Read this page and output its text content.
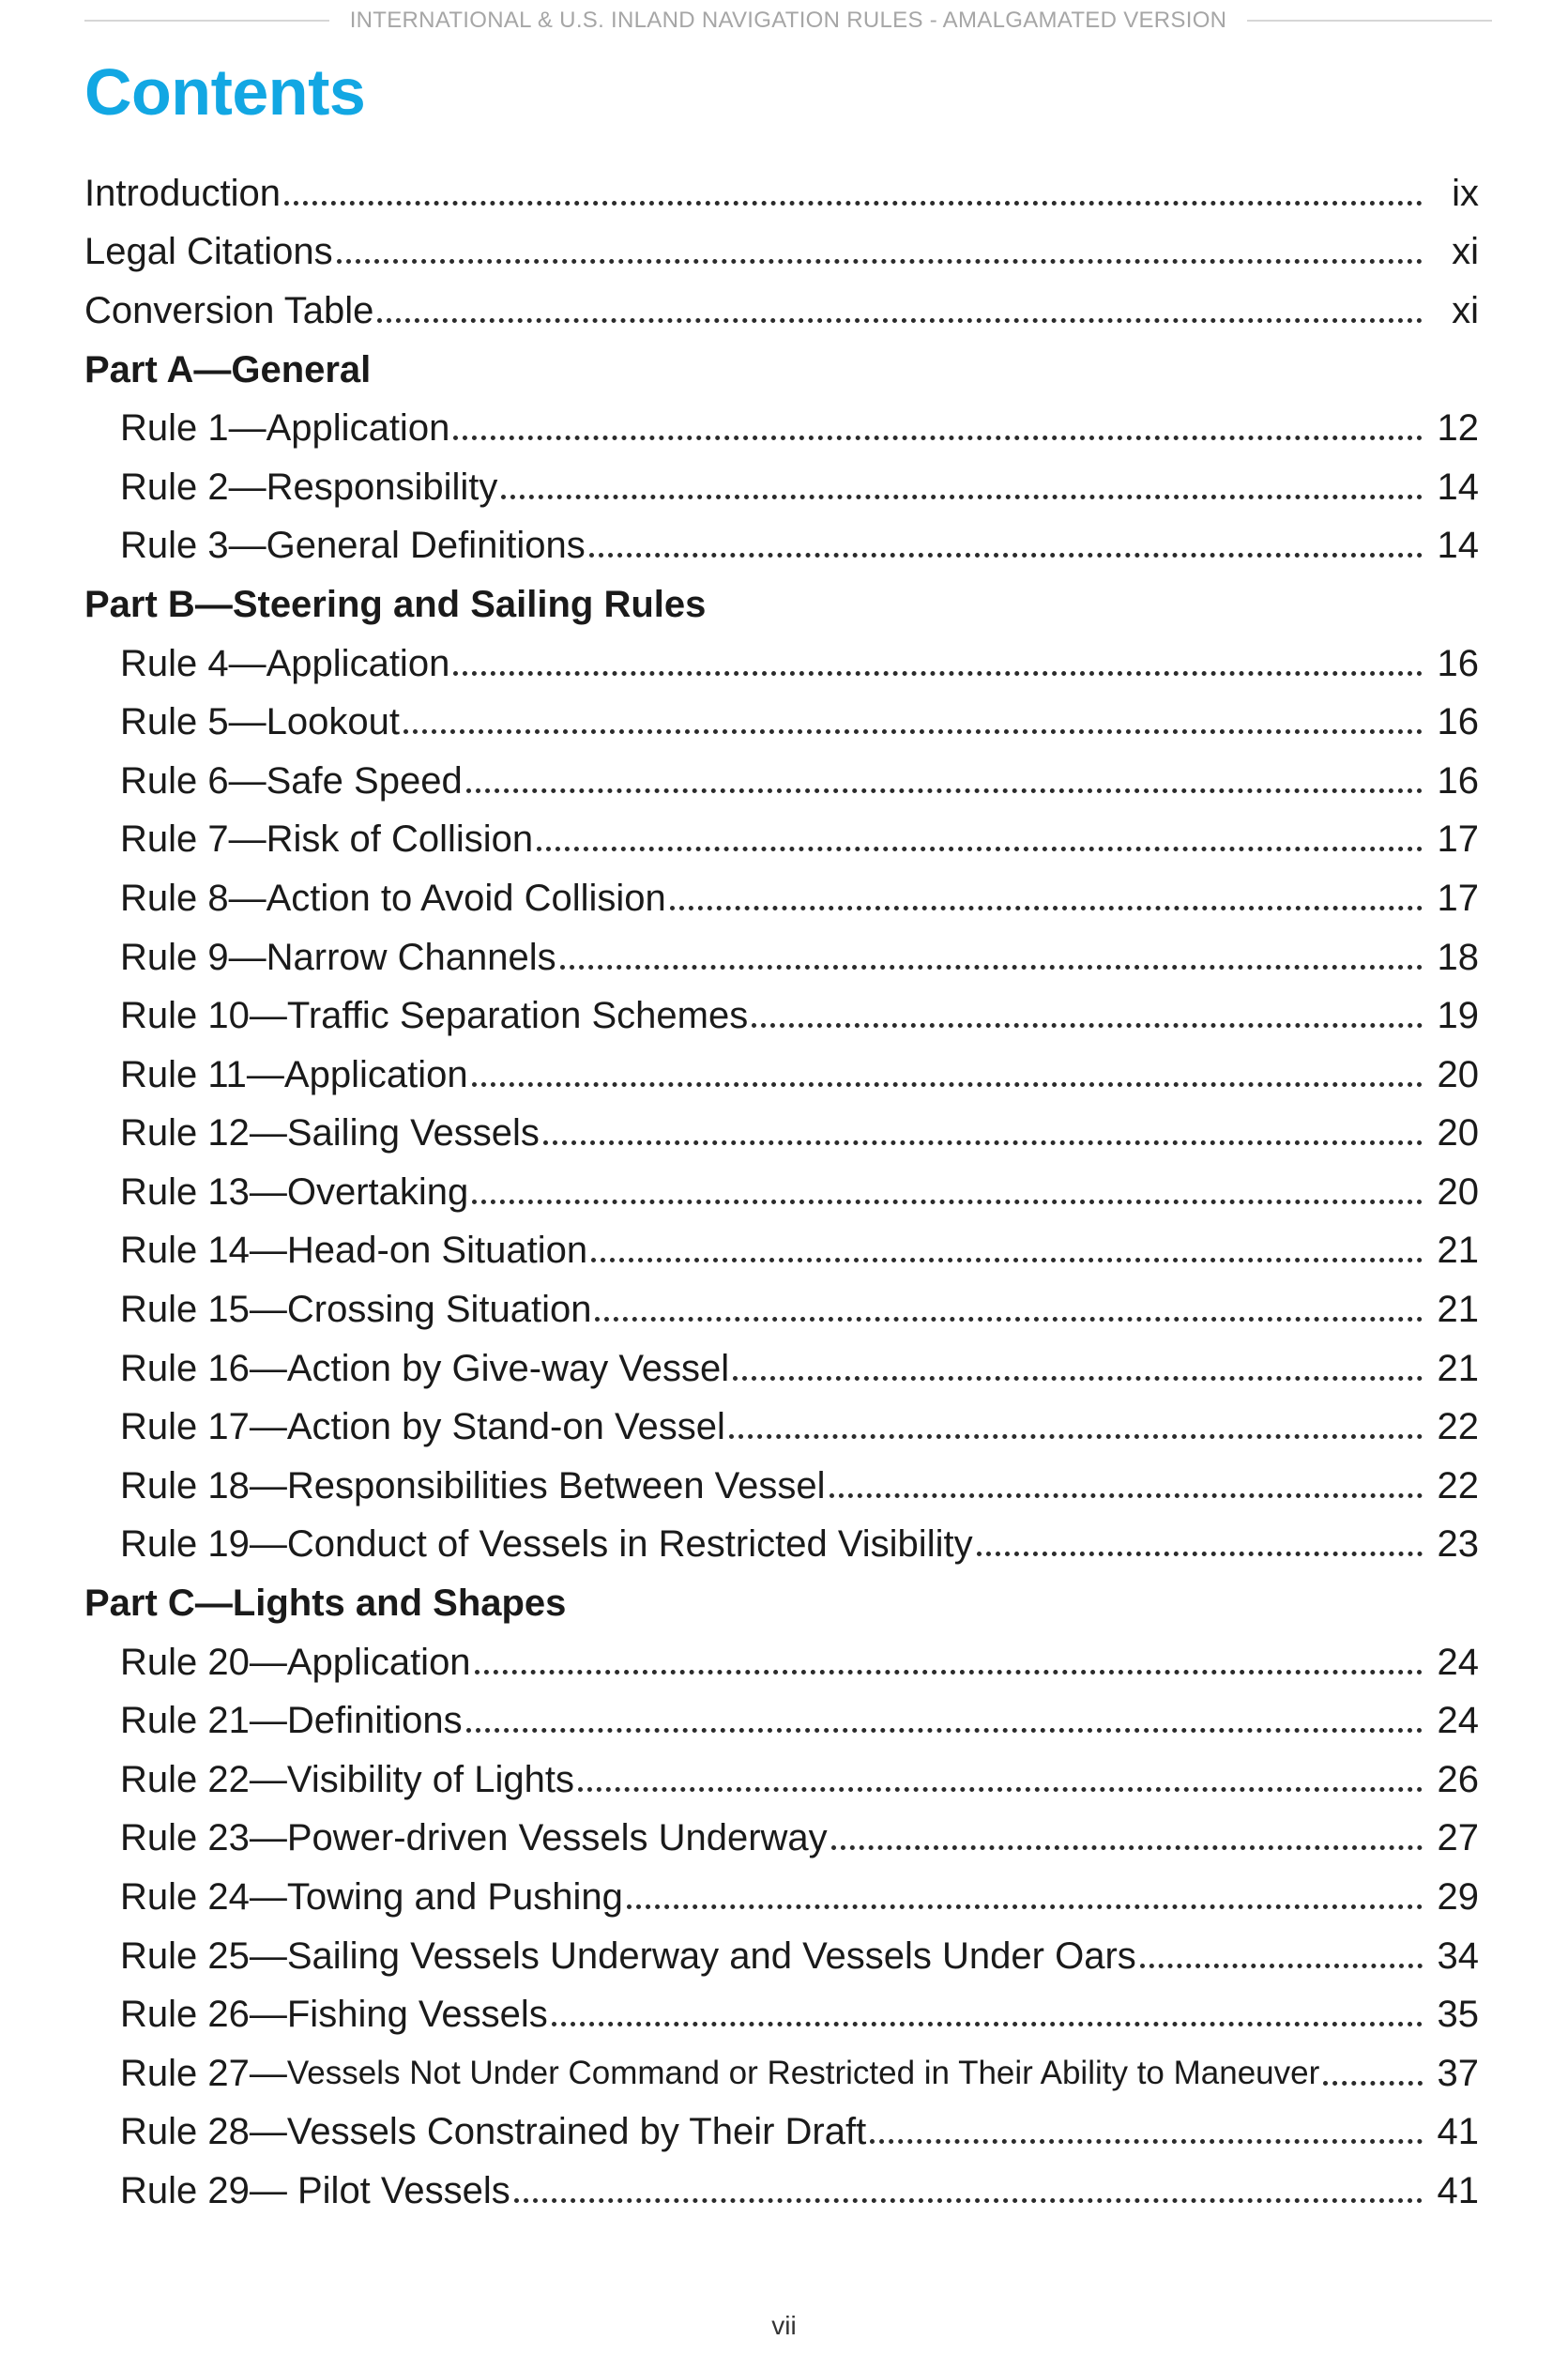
INTERNATIONAL & U.S. INLAND NAVIGATION RULES - AMALGAMATED VERSION
Contents
Introduction	ix
Legal Citations	xi
Conversion Table	xi
Part A—General
Rule 1—Application	12
Rule 2—Responsibility	14
Rule 3—General Definitions	14
Part B—Steering and Sailing Rules
Rule 4—Application	16
Rule 5—Lookout	16
Rule 6—Safe Speed	16
Rule 7—Risk of Collision	17
Rule 8—Action to Avoid Collision	17
Rule 9—Narrow Channels	18
Rule 10—Traffic Separation Schemes	19
Rule 11—Application	20
Rule 12—Sailing Vessels	20
Rule 13—Overtaking	20
Rule 14—Head-on Situation	21
Rule 15—Crossing Situation	21
Rule 16—Action by Give-way Vessel	21
Rule 17—Action by Stand-on Vessel	22
Rule 18—Responsibilities Between Vessel	22
Rule 19—Conduct of Vessels in Restricted Visibility	23
Part C—Lights and Shapes
Rule 20—Application	24
Rule 21—Definitions	24
Rule 22—Visibility of Lights	26
Rule 23—Power-driven Vessels Underway	27
Rule 24—Towing and Pushing	29
Rule 25—Sailing Vessels Underway and Vessels Under Oars	34
Rule 26—Fishing Vessels	35
Rule 27— Vessels Not Under Command or Restricted in Their Ability to Maneuver	37
Rule 28—Vessels Constrained by Their Draft	41
Rule 29— Pilot Vessels	41
vii
